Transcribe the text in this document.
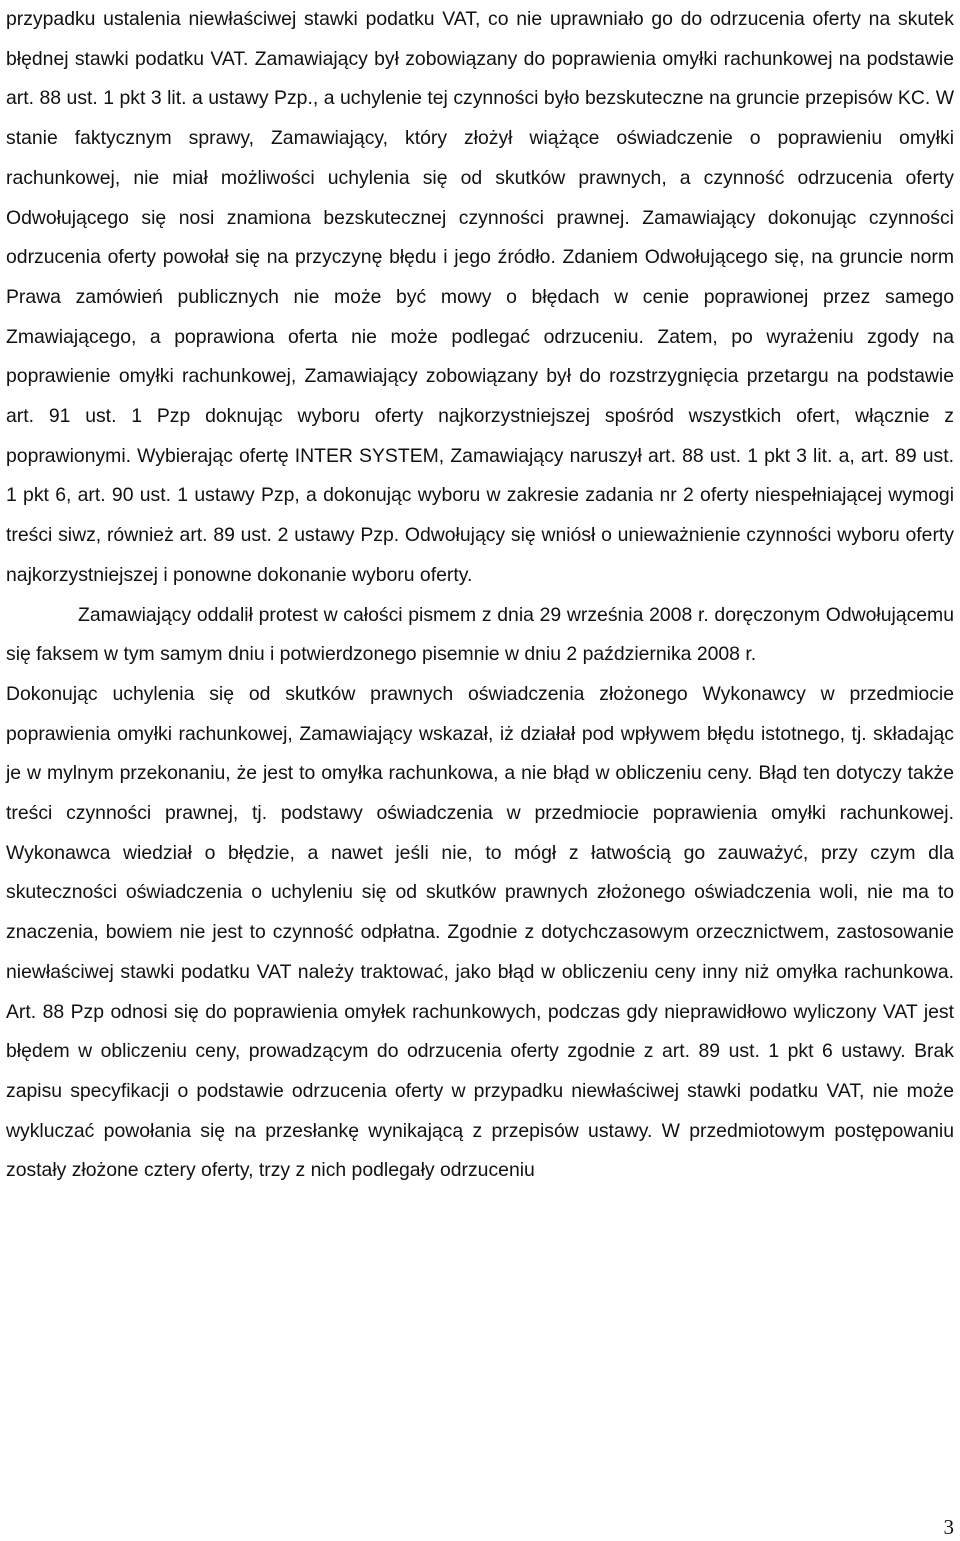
przypadku ustalenia niewłaściwej stawki podatku VAT, co nie uprawniało go do odrzucenia oferty na skutek błędnej stawki podatku VAT. Zamawiający był zobowiązany do poprawienia omyłki rachunkowej na podstawie art. 88 ust. 1 pkt 3 lit. a ustawy Pzp., a uchylenie tej czynności było bezskuteczne na gruncie przepisów KC. W stanie faktycznym sprawy, Zamawiający, który złożył wiążące oświadczenie o poprawieniu omyłki rachunkowej, nie miał możliwości uchylenia się od skutków prawnych, a czynność odrzucenia oferty Odwołującego się nosi znamiona bezskutecznej czynności prawnej. Zamawiający dokonując czynności odrzucenia oferty powołał się na przyczynę błędu i jego źródło. Zdaniem Odwołującego się, na gruncie norm Prawa zamówień publicznych nie może być mowy o błędach w cenie poprawionej przez samego Zmawiającego, a poprawiona oferta nie może podlegać odrzuceniu. Zatem, po wyrażeniu zgody na poprawienie omyłki rachunkowej, Zamawiający zobowiązany był do rozstrzygnięcia przetargu na podstawie art. 91 ust. 1 Pzp doknując wyboru oferty najkorzystniejszej spośród wszystkich ofert, włącznie z poprawionymi. Wybierając ofertę INTER SYSTEM, Zamawiający naruszył art. 88 ust. 1 pkt 3 lit. a, art. 89 ust. 1 pkt 6, art. 90 ust. 1 ustawy Pzp, a dokonując wyboru w zakresie zadania nr 2 oferty niespełniającej wymogi treści siwz, również art. 89 ust. 2 ustawy Pzp. Odwołujący się wniósł o unieważnienie czynności wyboru oferty najkorzystniejszej i ponowne dokonanie wyboru oferty.

Zamawiający oddalił protest w całości pismem z dnia 29 września 2008 r. doręczonym Odwołującemu się faksem w tym samym dniu i potwierdzonego pisemnie w dniu 2 października 2008 r.

Dokonując uchylenia się od skutków prawnych oświadczenia złożonego Wykonawcy w przedmiocie poprawienia omyłki rachunkowej, Zamawiający wskazał, iż działał pod wpływem błędu istotnego, tj. składając je w mylnym przekonaniu, że jest to omyłka rachunkowa, a nie błąd w obliczeniu ceny. Błąd ten dotyczy także treści czynności prawnej, tj. podstawy oświadczenia w przedmiocie poprawienia omyłki rachunkowej. Wykonawca wiedział o błędzie, a nawet jeśli nie, to mógł z łatwością go zauważyć, przy czym dla skuteczności oświadczenia o uchyleniu się od skutków prawnych złożonego oświadczenia woli, nie ma to znaczenia, bowiem nie jest to czynność odpłatna. Zgodnie z dotychczasowym orzecznictwem, zastosowanie niewłaściwej stawki podatku VAT należy traktować, jako błąd w obliczeniu ceny inny niż omyłka rachunkowa. Art. 88 Pzp odnosi się do poprawienia omyłek rachunkowych, podczas gdy nieprawidłowo wyliczony VAT jest błędem w obliczeniu ceny, prowadzącym do odrzucenia oferty zgodnie z art. 89 ust. 1 pkt 6 ustawy. Brak zapisu specyfikacji o podstawie odrzucenia oferty w przypadku niewłaściwej stawki podatku VAT, nie może wykluczać powołania się na przesłankę wynikającą z przepisów ustawy. W przedmiotowym postępowaniu zostały złożone cztery oferty, trzy z nich podlegały odrzuceniu

3
